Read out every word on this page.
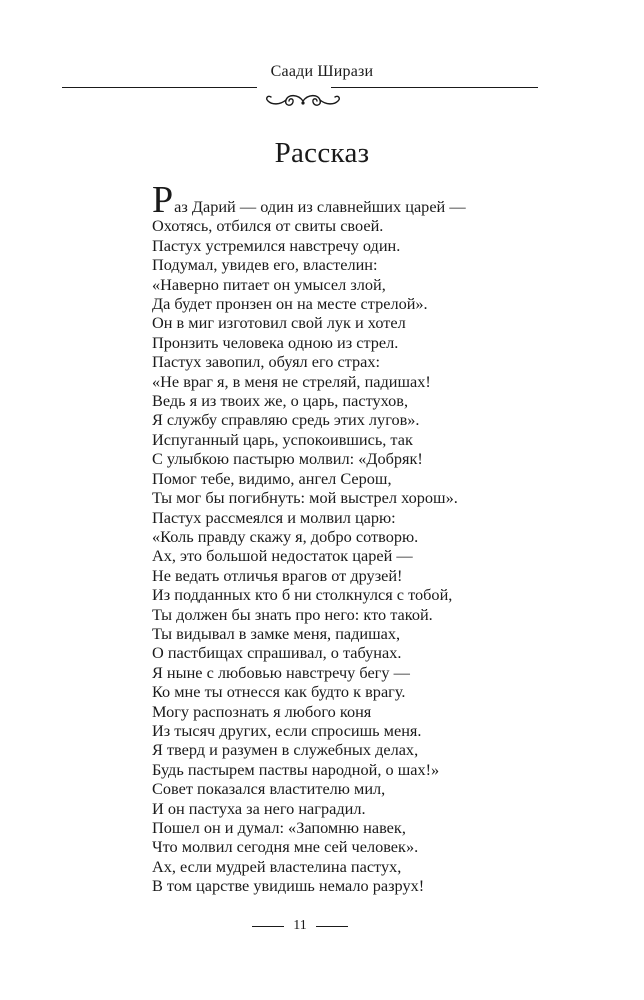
Саади Ширази
Рассказ
Раз Дарий — один из славнейших царей —
Охотясь, отбился от свиты своей.
Пастух устремился навстречу один.
Подумал, увидев его, властелин:
«Наверно питает он умысел злой,
Да будет пронзен он на месте стрелой».
Он в миг изготовил свой лук и хотел
Пронзить человека одною из стрел.
Пастух завопил, обуял его страх:
«Не враг я, в меня не стреляй, падишах!
Ведь я из твоих же, о царь, пастухов,
Я службу справляю средь этих лугов».
Испуганный царь, успокоившись, так
С улыбкою пастырю молвил: «Добряк!
Помог тебе, видимо, ангел Серош,
Ты мог бы погибнуть: мой выстрел хорош».
Пастух рассмеялся и молвил царю:
«Коль правду скажу я, добро сотворю.
Ах, это большой недостаток царей —
Не ведать отличья врагов от друзей!
Из подданных кто б ни столкнулся с тобой,
Ты должен бы знать про него: кто такой.
Ты видывал в замке меня, падишах,
О пастбищах спрашивал, о табунах.
Я ныне с любовью навстречу бегу —
Ко мне ты отнесся как будто к врагу.
Могу распознать я любого коня
Из тысяч других, если спросишь меня.
Я тверд и разумен в служебных делах,
Будь пастырем паствы народной, о шах!»
Совет показался властителю мил,
И он пастуха за него наградил.
Пошел он и думал: «Запомню навек,
Что молвил сегодня мне сей человек».
Ах, если мудрей властелина пастух,
В том царстве увидишь немало разрух!
11
